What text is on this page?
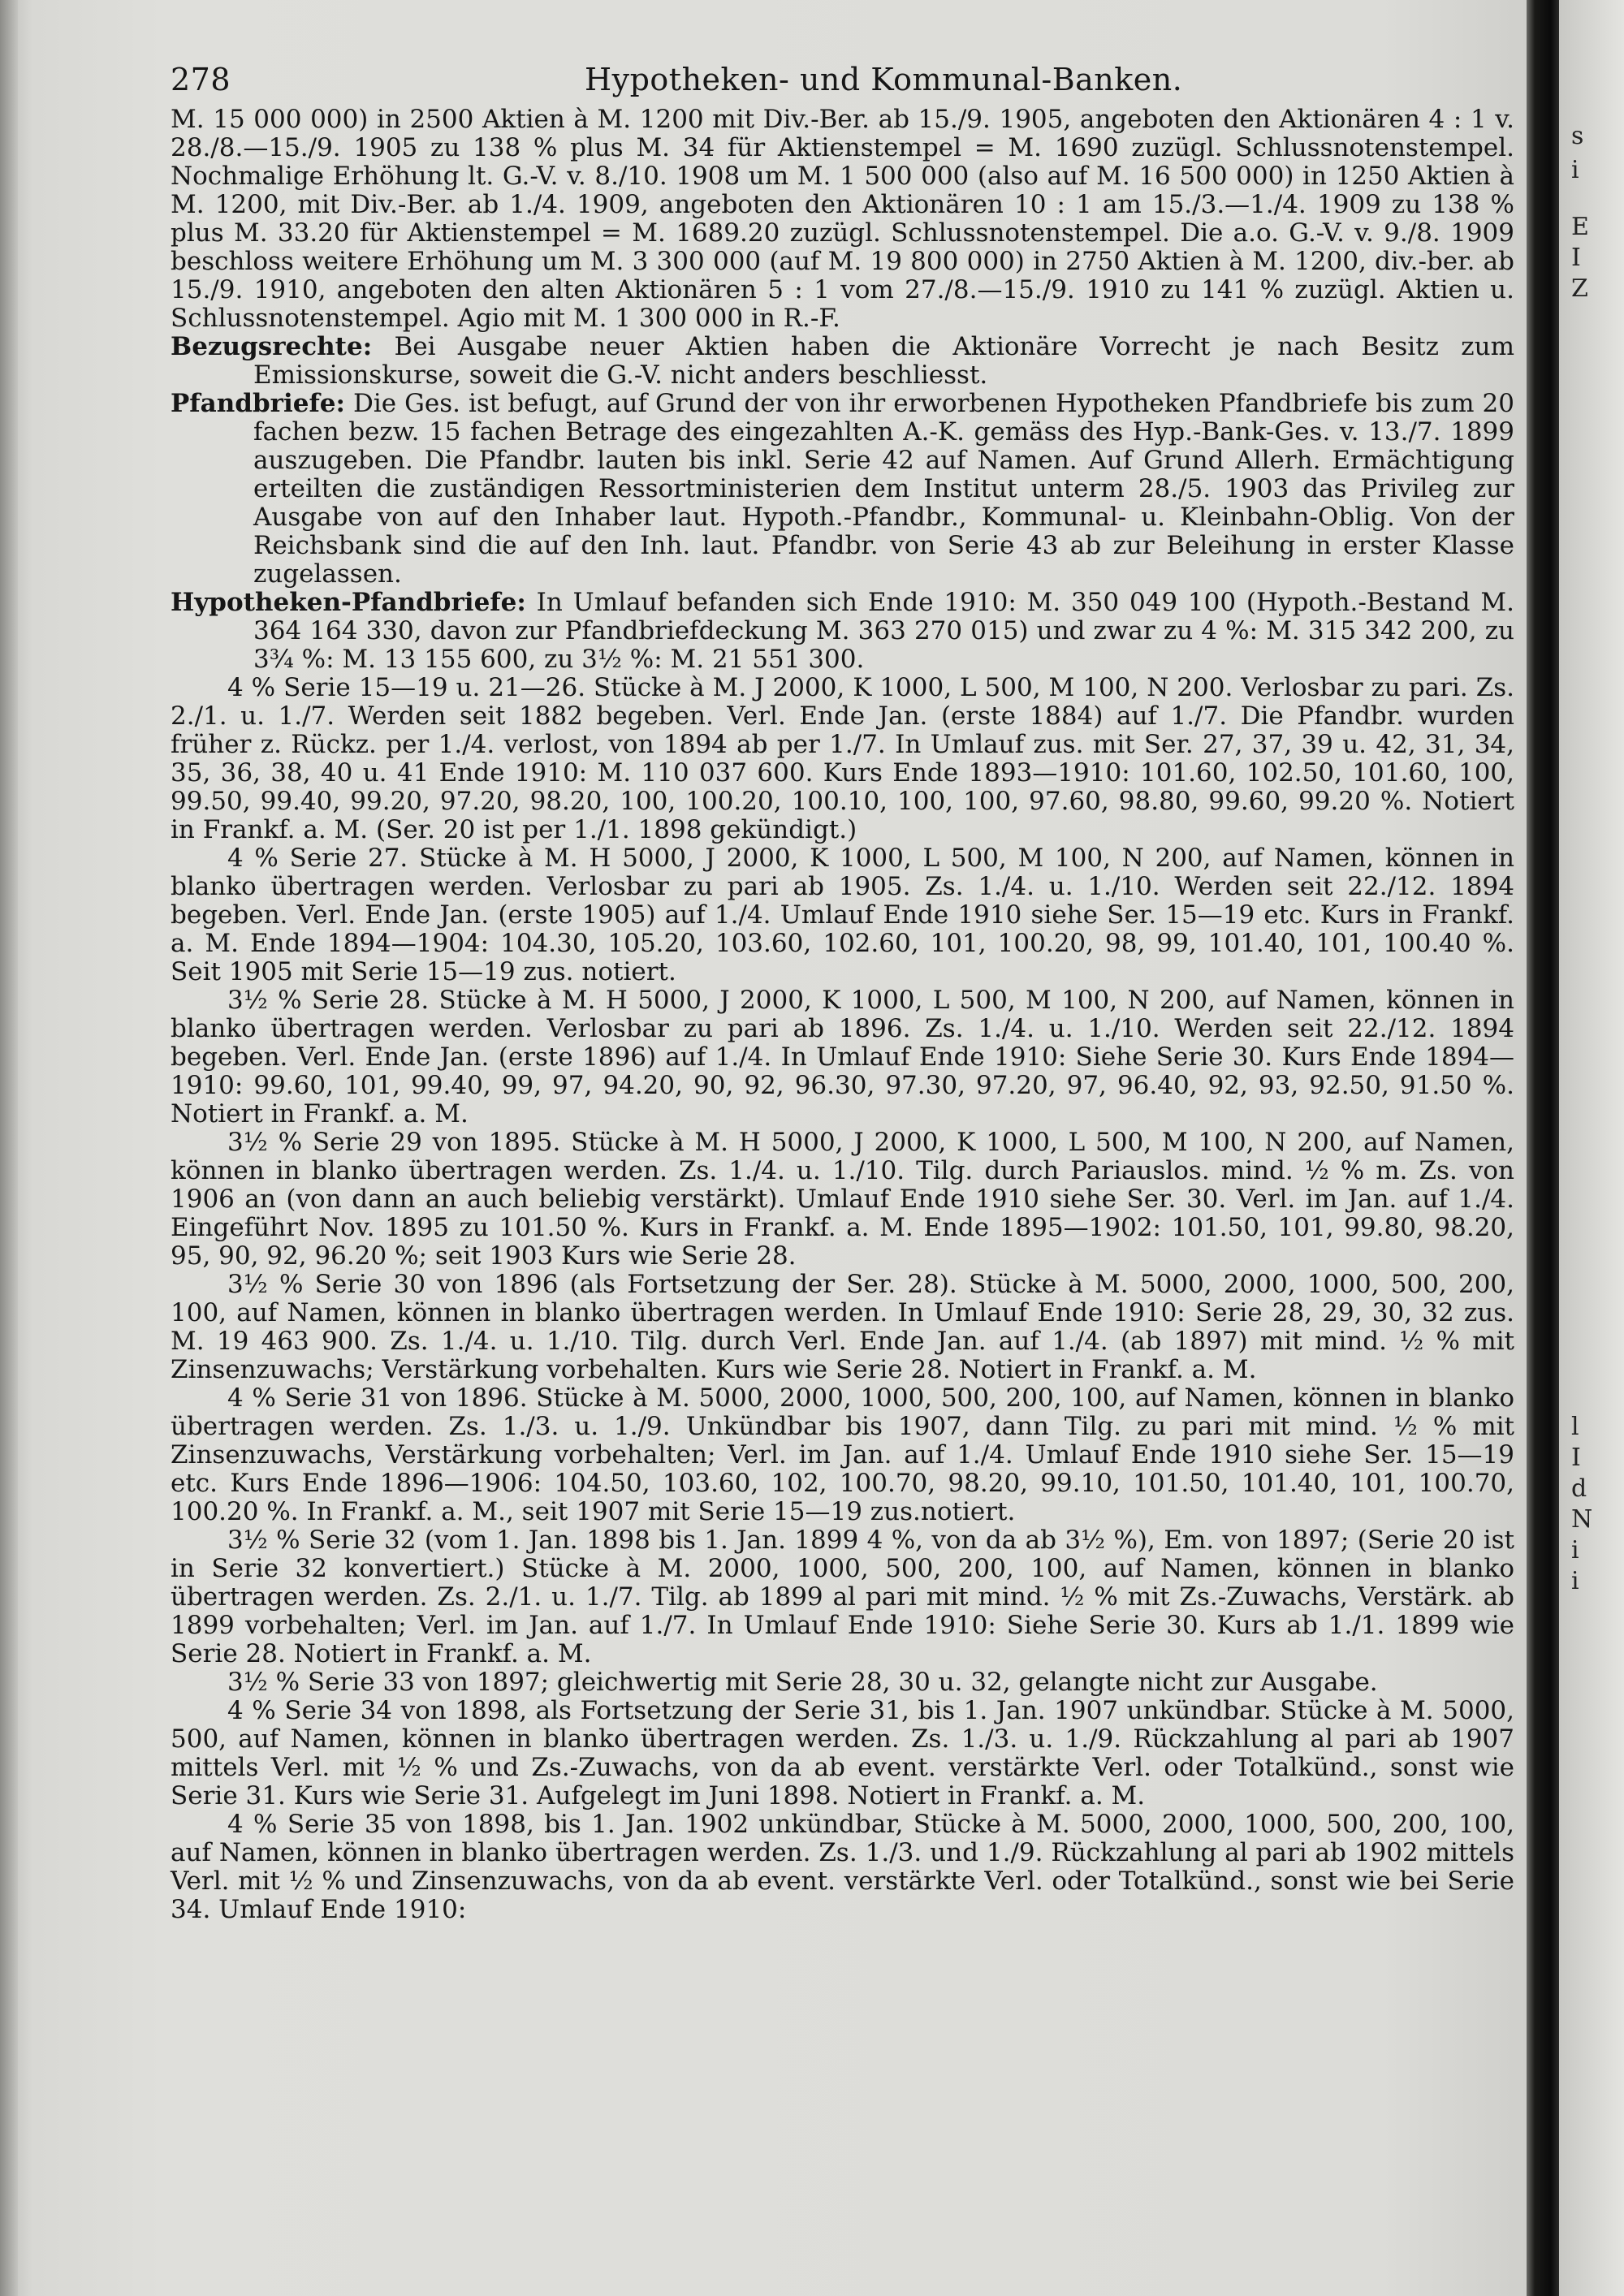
s
i
E
I
Z
l
I
d
N
i
i
278	Hypotheken- und Kommunal-Banken.

M. 15 000 000) in 2500 Aktien à M. 1200 mit Div.-Ber. ab 15./9. 1905, angeboten den Aktionären 4 : 1 v. 28./8.—15./9. 1905 zu 138 % plus M. 34 für Aktienstempel = M. 1690 zuzügl. Schlussnotenstempel. Nochmalige Erhöhung lt. G.-V. v. 8./10. 1908 um M. 1 500 000 (also auf M. 16 500 000) in 1250 Aktien à M. 1200, mit Div.-Ber. ab 1./4. 1909, angeboten den Aktionären 10 : 1 am 15./3.—1./4. 1909 zu 138 % plus M. 33.20 für Aktienstempel = M. 1689.20 zuzügl. Schlussnotenstempel. Die a.o. G.-V. v. 9./8. 1909 beschloss weitere Erhöhung um M. 3 300 000 (auf M. 19 800 000) in 2750 Aktien à M. 1200, div.-ber. ab 15./9. 1910, angeboten den alten Aktionären 5 : 1 vom 27./8.—15./9. 1910 zu 141 % zuzügl. Aktien u. Schlussnotenstempel. Agio mit M. 1 300 000 in R.-F.

Bezugsrechte: Bei Ausgabe neuer Aktien haben die Aktionäre Vorrecht je nach Besitz zum Emissionskurse, soweit die G.-V. nicht anders beschliesst.

Pfandbriefe: Die Ges. ist befugt, auf Grund der von ihr erworbenen Hypotheken Pfandbriefe bis zum 20 fachen bezw. 15 fachen Betrage des eingezahlten A.-K. gemäss des Hyp.-Bank-Ges. v. 13./7. 1899 auszugeben. Die Pfandbr. lauten bis inkl. Serie 42 auf Namen. Auf Grund Allerh. Ermächtigung erteilten die zuständigen Ressortministerien dem Institut unterm 28./5. 1903 das Privileg zur Ausgabe von auf den Inhaber laut. Hypoth.-Pfandbr., Kommunal- u. Kleinbahn-Oblig. Von der Reichsbank sind die auf den Inh. laut. Pfandbr. von Serie 43 ab zur Beleihung in erster Klasse zugelassen.

Hypotheken-Pfandbriefe: In Umlauf befanden sich Ende 1910: M. 350 049 100 (Hypoth.-Bestand M. 364 164 330, davon zur Pfandbriefdeckung M. 363 270 015) und zwar zu 4 %: M. 315 342 200, zu 3¾ %: M. 13 155 600, zu 3½ %: M. 21 551 300.

4 % Serie 15—19 u. 21—26. Stücke à M. J 2000, K 1000, L 500, M 100, N 200. Verlosbar zu pari. Zs. 2./1. u. 1./7. Werden seit 1882 begeben. Verl. Ende Jan. (erste 1884) auf 1./7. Die Pfandbr. wurden früher z. Rückz. per 1./4. verlost, von 1894 ab per 1./7. In Umlauf zus. mit Ser. 27, 37, 39 u. 42, 31, 34, 35, 36, 38, 40 u. 41 Ende 1910: M. 110 037 600. Kurs Ende 1893—1910: 101.60, 102.50, 101.60, 100, 99.50, 99.40, 99.20, 97.20, 98.20, 100, 100.20, 100.10, 100, 100, 97.60, 98.80, 99.60, 99.20 %. Notiert in Frankf. a. M. (Ser. 20 ist per 1./1. 1898 gekündigt.)

4 % Serie 27. Stücke à M. H 5000, J 2000, K 1000, L 500, M 100, N 200, auf Namen, können in blanko übertragen werden. Verlosbar zu pari ab 1905. Zs. 1./4. u. 1./10. Werden seit 22./12. 1894 begeben. Verl. Ende Jan. (erste 1905) auf 1./4. Umlauf Ende 1910 siehe Ser. 15—19 etc. Kurs in Frankf. a. M. Ende 1894—1904: 104.30, 105.20, 103.60, 102.60, 101, 100.20, 98, 99, 101.40, 101, 100.40 %. Seit 1905 mit Serie 15—19 zus. notiert.

3½ % Serie 28. Stücke à M. H 5000, J 2000, K 1000, L 500, M 100, N 200, auf Namen, können in blanko übertragen werden. Verlosbar zu pari ab 1896. Zs. 1./4. u. 1./10. Werden seit 22./12. 1894 begeben. Verl. Ende Jan. (erste 1896) auf 1./4. In Umlauf Ende 1910: Siehe Serie 30. Kurs Ende 1894—1910: 99.60, 101, 99.40, 99, 97, 94.20, 90, 92, 96.30, 97.30, 97.20, 97, 96.40, 92, 93, 92.50, 91.50 %. Notiert in Frankf. a. M.

3½ % Serie 29 von 1895. Stücke à M. H 5000, J 2000, K 1000, L 500, M 100, N 200, auf Namen, können in blanko übertragen werden. Zs. 1./4. u. 1./10. Tilg. durch Pariauslos. mind. ½ % m. Zs. von 1906 an (von dann an auch beliebig verstärkt). Umlauf Ende 1910 siehe Ser. 30. Verl. im Jan. auf 1./4. Eingeführt Nov. 1895 zu 101.50 %. Kurs in Frankf. a. M. Ende 1895—1902: 101.50, 101, 99.80, 98.20, 95, 90, 92, 96.20 %; seit 1903 Kurs wie Serie 28.

3½ % Serie 30 von 1896 (als Fortsetzung der Ser. 28). Stücke à M. 5000, 2000, 1000, 500, 200, 100, auf Namen, können in blanko übertragen werden. In Umlauf Ende 1910: Serie 28, 29, 30, 32 zus. M. 19 463 900. Zs. 1./4. u. 1./10. Tilg. durch Verl. Ende Jan. auf 1./4. (ab 1897) mit mind. ½ % mit Zinsenzuwachs; Verstärkung vorbehalten. Kurs wie Serie 28. Notiert in Frankf. a. M.

4 % Serie 31 von 1896. Stücke à M. 5000, 2000, 1000, 500, 200, 100, auf Namen, können in blanko übertragen werden. Zs. 1./3. u. 1./9. Unkündbar bis 1907, dann Tilg. zu pari mit mind. ½ % mit Zinsenzuwachs, Verstärkung vorbehalten; Verl. im Jan. auf 1./4. Umlauf Ende 1910 siehe Ser. 15—19 etc. Kurs Ende 1896—1906: 104.50, 103.60, 102, 100.70, 98.20, 99.10, 101.50, 101.40, 101, 100.70, 100.20 %. In Frankf. a. M., seit 1907 mit Serie 15—19 zus.notiert.

3½ % Serie 32 (vom 1. Jan. 1898 bis 1. Jan. 1899 4 %, von da ab 3½ %), Em. von 1897; (Serie 20 ist in Serie 32 konvertiert.) Stücke à M. 2000, 1000, 500, 200, 100, auf Namen, können in blanko übertragen werden. Zs. 2./1. u. 1./7. Tilg. ab 1899 al pari mit mind. ½ % mit Zs.-Zuwachs, Verstärk. ab 1899 vorbehalten; Verl. im Jan. auf 1./7. In Umlauf Ende 1910: Siehe Serie 30. Kurs ab 1./1. 1899 wie Serie 28. Notiert in Frankf. a. M.

3½ % Serie 33 von 1897; gleichwertig mit Serie 28, 30 u. 32, gelangte nicht zur Ausgabe.

4 % Serie 34 von 1898, als Fortsetzung der Serie 31, bis 1. Jan. 1907 unkündbar. Stücke à M. 5000, 500, auf Namen, können in blanko übertragen werden. Zs. 1./3. u. 1./9. Rückzahlung al pari ab 1907 mittels Verl. mit ½ % und Zs.-Zuwachs, von da ab event. verstärkte Verl. oder Totalkünd., sonst wie Serie 31. Kurs wie Serie 31. Aufgelegt im Juni 1898. Notiert in Frankf. a. M.

4 % Serie 35 von 1898, bis 1. Jan. 1902 unkündbar, Stücke à M. 5000, 2000, 1000, 500, 200, 100, auf Namen, können in blanko übertragen werden. Zs. 1./3. und 1./9. Rückzahlung al pari ab 1902 mittels Verl. mit ½ % und Zinsenzuwachs, von da ab event. verstärkte Verl. oder Totalkünd., sonst wie bei Serie 34. Umlauf Ende 1910:
